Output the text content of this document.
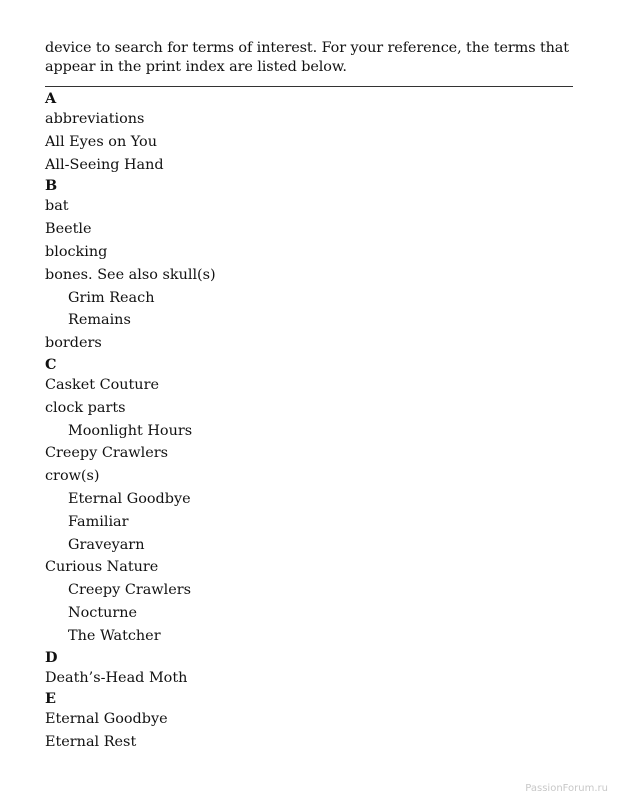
device to search for terms of interest. For your reference, the terms that appear in the print index are listed below.

A
abbreviations
All Eyes on You
All-Seeing Hand
B
bat
Beetle
blocking
bones. See also skull(s)
Grim Reach
Remains
borders
C
Casket Couture
clock parts
Moonlight Hours
Creepy Crawlers
crow(s)
Eternal Goodbye
Familiar
Graveyarn
Curious Nature
Creepy Crawlers
Nocturne
The Watcher
D
Death’s-Head Moth
E
Eternal Goodbye
Eternal Rest
PassionForum.ru
